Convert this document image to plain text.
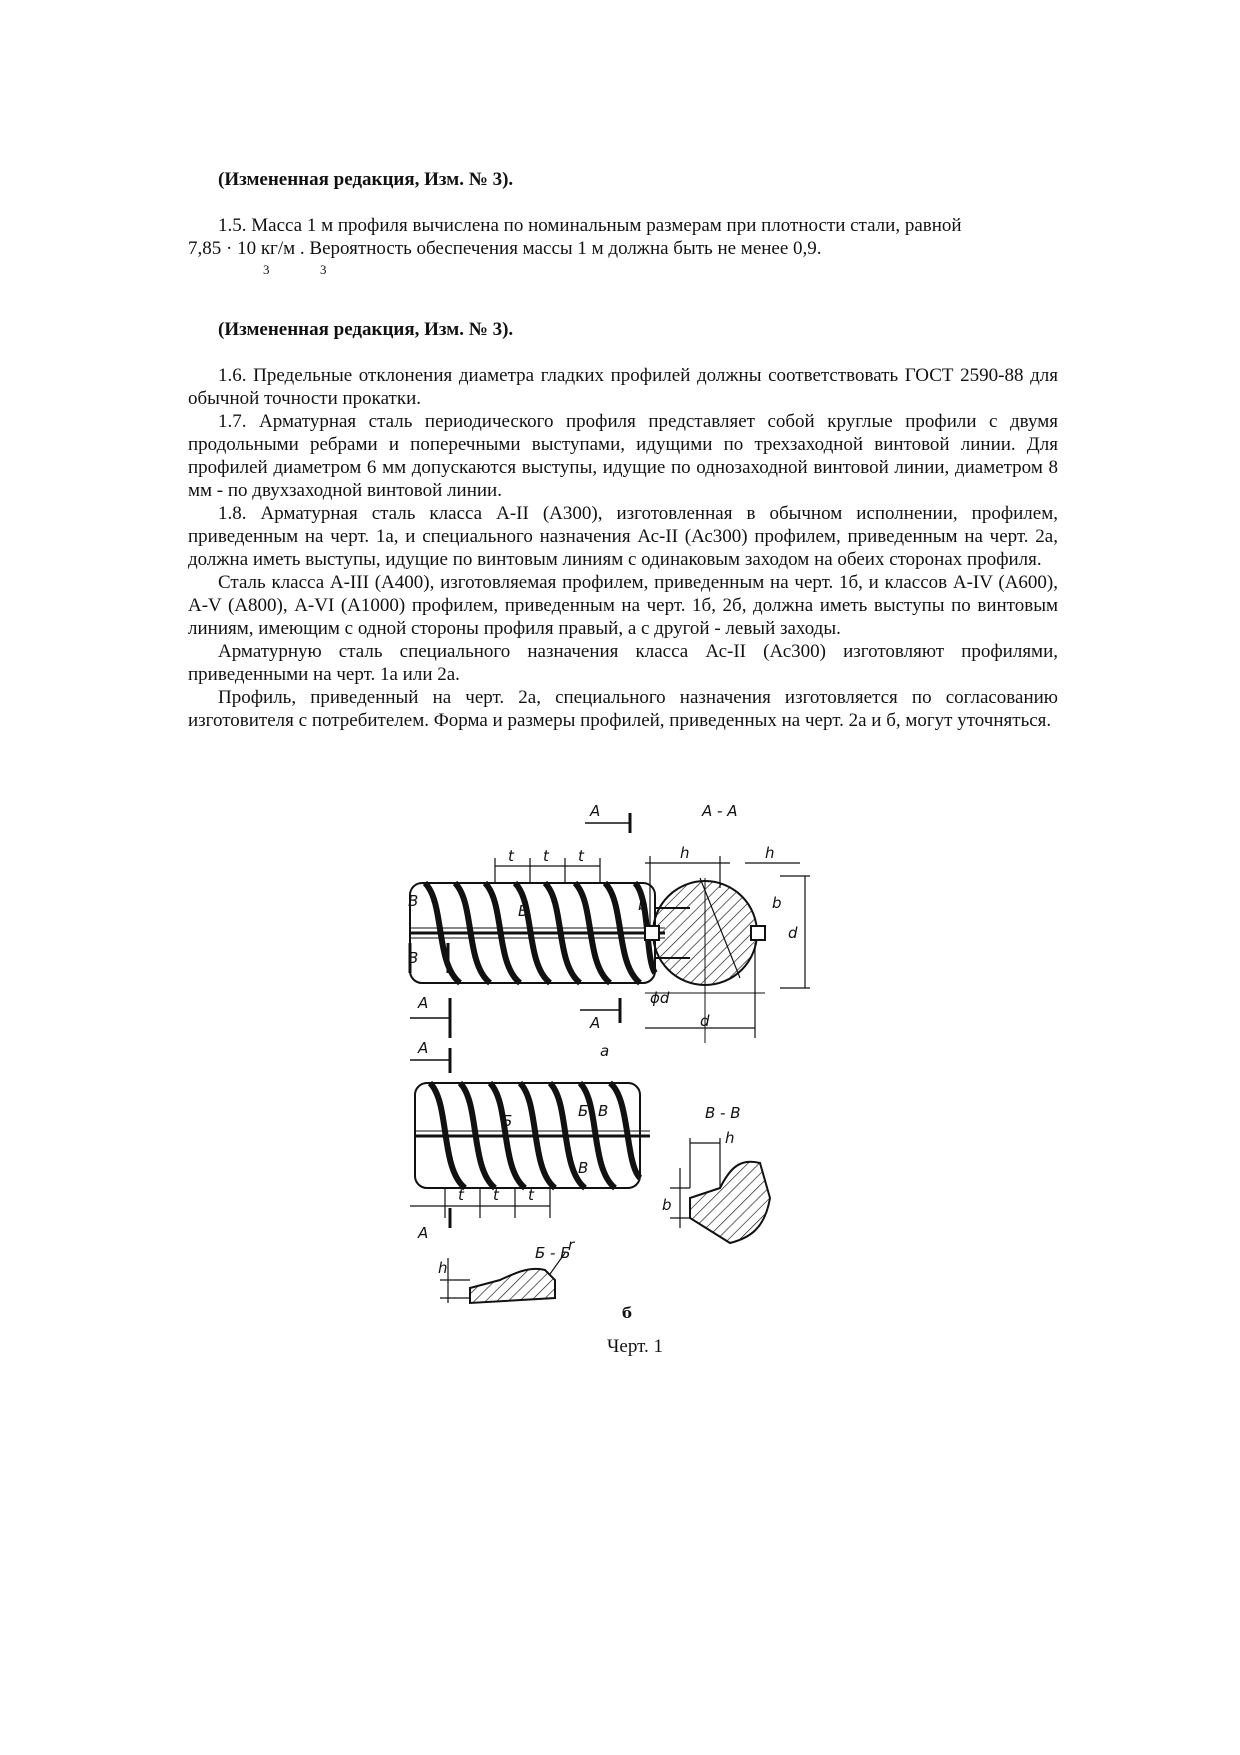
(Измененная редакция, Изм. № 3).

1.5. Масса 1 м профиля вычислена по номинальным размерам при плотности стали, равной

7,85 · 10 кг/м . Вероятность обеспечения массы 1 м должна быть не менее 0,9.

3	3

(Измененная редакция, Изм. № 3).

1.6. Предельные отклонения диаметра гладких профилей должны соответствовать ГОСТ 2590-88 для обычной точности прокатки.

1.7. Арматурная сталь периодического профиля представляет собой круглые профили с двумя продольными ребрами и поперечными выступами, идущими по трехзаходной винтовой линии. Для профилей диаметром 6 мм допускаются выступы, идущие по однозаходной винтовой линии, диаметром 8 мм - по двухзаходной винтовой линии.

1.8. Арматурная сталь класса А-II (А300), изготовленная в обычном исполнении, профилем, приведенным на черт. 1а, и специального назначения Ас-II (Ас300) профилем, приведенным на черт. 2а, должна иметь выступы, идущие по винтовым линиям с одинаковым заходом на обеих сторонах профиля.

Сталь класса А-III (А400), изготовляемая профилем, приведенным на черт. 1б, и классов А-IV (А600), А-V (А800), А-VI (А1000) профилем, приведенным на черт. 1б, 2б, должна иметь выступы по винтовым линиям, имеющим с одной стороны профиля правый, а с другой - левый заходы.

Арматурную сталь специального назначения класса Ас-II (Ас300) изготовляют профилями, приведенными на черт. 1а или 2а.

Профиль, приведенный на черт. 2а, специального назначения изготовляется по согласованию изготовителя с потребителем. Форма и размеры профилей, приведенных на черт. 2а и б, могут уточняться.

t t t
А
В
В
Б
А
А
а
А - А
h	h
b	b
d
d
ϕd
А
Б
Б В
В
t t t
А
В - В
h
b
Б - Б
h
r
б
Черт. 1
